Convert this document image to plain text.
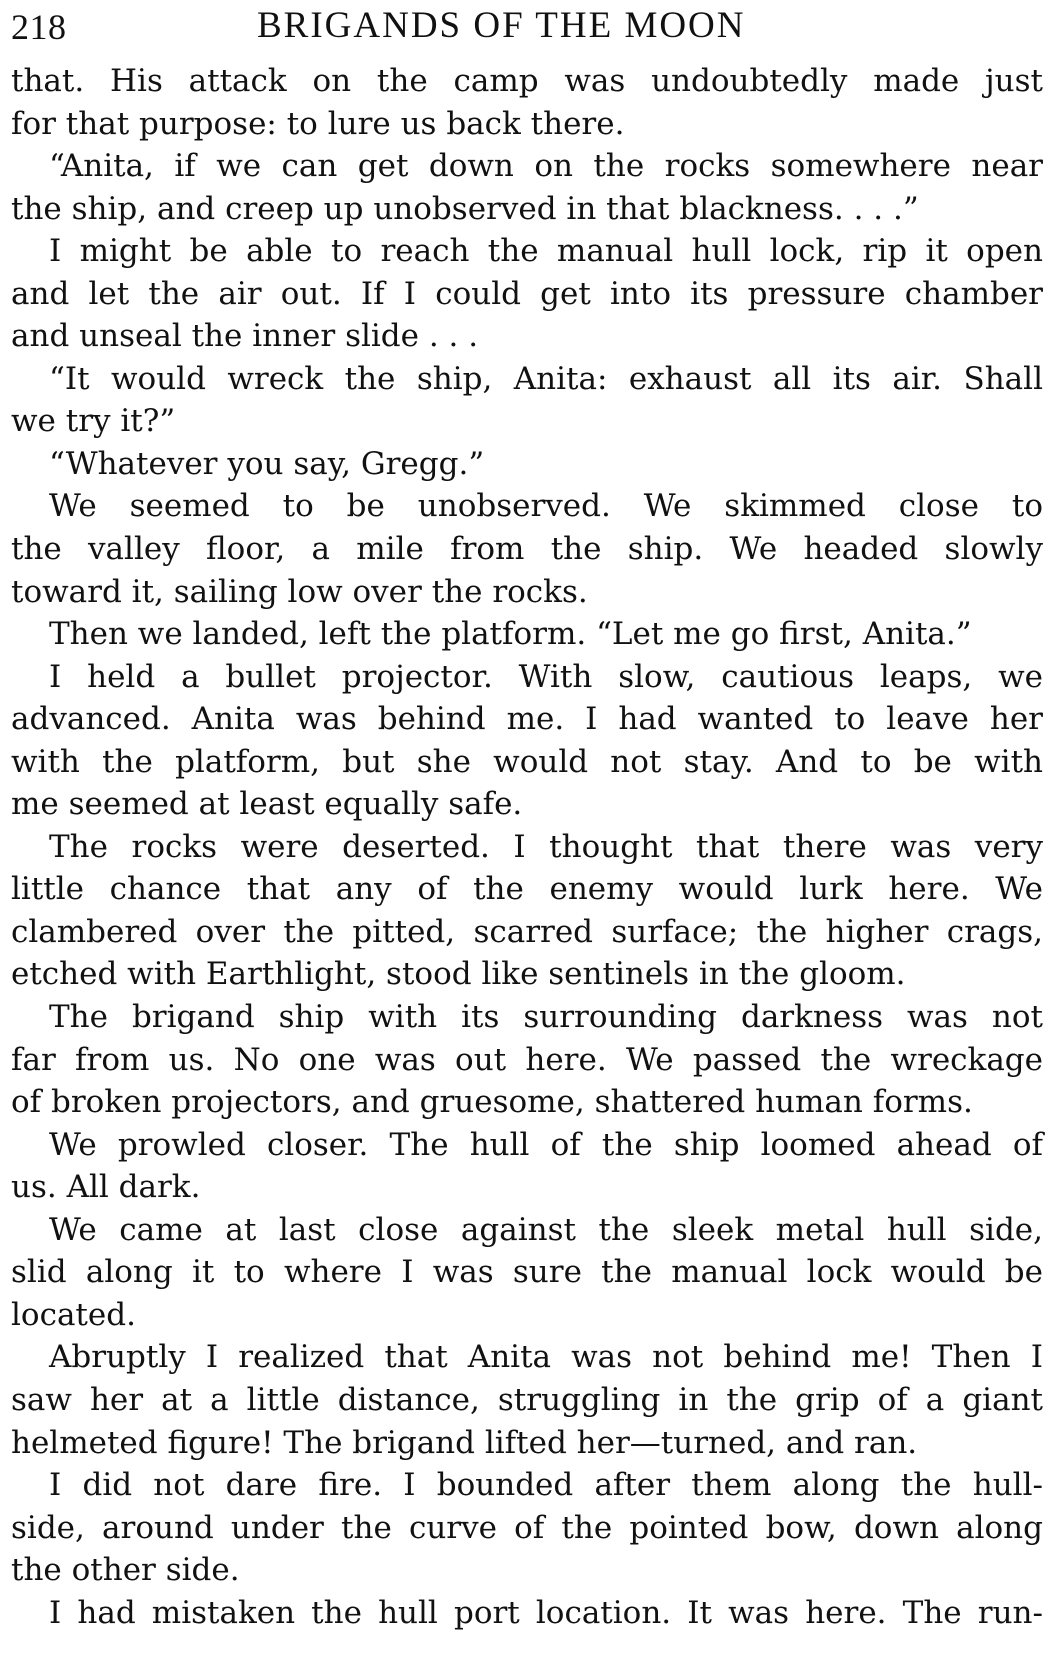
218	BRIGANDS OF THE MOON
that. His attack on the camp was undoubtedly made just
for that purpose: to lure us back there.
“Anita, if we can get down on the rocks somewhere near
the ship, and creep up unobserved in that blackness. . . .”
I might be able to reach the manual hull lock, rip it open
and let the air out. If I could get into its pressure chamber
and unseal the inner slide . . .
“It would wreck the ship, Anita: exhaust all its air. Shall
we try it?”
“Whatever you say, Gregg.”
We seemed to be unobserved. We skimmed close to
the valley floor, a mile from the ship. We headed slowly
toward it, sailing low over the rocks.
Then we landed, left the platform. “Let me go first, Anita.”
I held a bullet projector. With slow, cautious leaps, we
advanced. Anita was behind me. I had wanted to leave her
with the platform, but she would not stay. And to be with
me seemed at least equally safe.
The rocks were deserted. I thought that there was very
little chance that any of the enemy would lurk here. We
clambered over the pitted, scarred surface; the higher crags,
etched with Earthlight, stood like sentinels in the gloom.
The brigand ship with its surrounding darkness was not
far from us. No one was out here. We passed the wreckage
of broken projectors, and gruesome, shattered human forms.
We prowled closer. The hull of the ship loomed ahead of
us. All dark.
We came at last close against the sleek metal hull side,
slid along it to where I was sure the manual lock would be
located.
Abruptly I realized that Anita was not behind me! Then I
saw her at a little distance, struggling in the grip of a giant
helmeted figure! The brigand lifted her—turned, and ran.
I did not dare fire. I bounded after them along the hull-
side, around under the curve of the pointed bow, down along
the other side.
I had mistaken the hull port location. It was here. The run-
